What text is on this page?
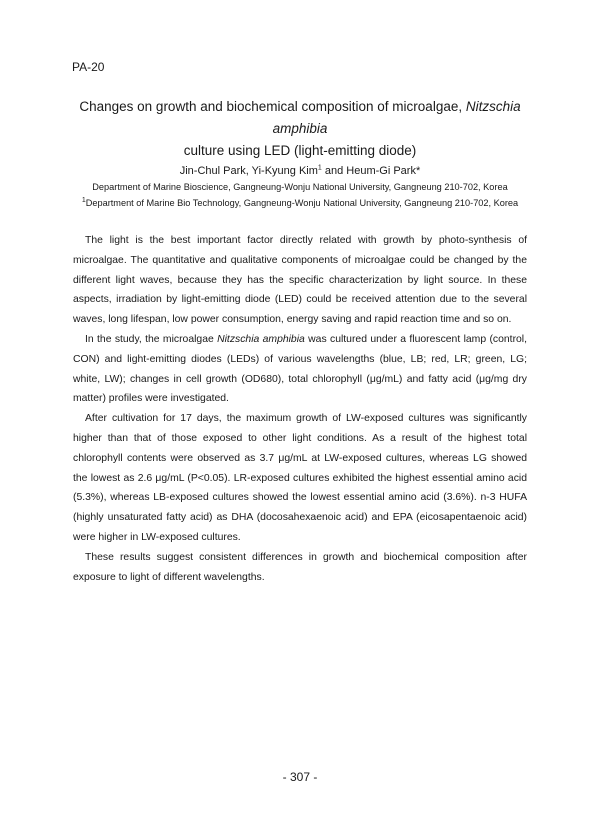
PA-20
Changes on growth and biochemical composition of microalgae, Nitzschia amphibia
culture using LED (light-emitting diode)
Jin-Chul Park, Yi-Kyung Kim$^1$ and Heum-Gi Park*
Department of Marine Bioscience, Gangneung-Wonju National University, Gangneung 210-702, Korea
$^1$Department of Marine Bio Technology, Gangneung-Wonju National University, Gangneung 210-702, Korea

The light is the best important factor directly related with growth by photo-synthesis of microalgae. The quantitative and qualitative components of microalgae could be changed by the different light waves, because they has the specific characterization by light source. In these aspects, irradiation by light-emitting diode (LED) could be received attention due to the several waves, long lifespan, low power consumption, energy saving and rapid reaction time and so on.

In the study, the microalgae Nitzschia amphibia was cultured under a fluorescent lamp (control, CON) and light-emitting diodes (LEDs) of various wavelengths (blue, LB; red, LR; green, LG; white, LW); changes in cell growth (OD680), total chlorophyll (μg/mL) and fatty acid (μg/mg dry matter) profiles were investigated.

After cultivation for 17 days, the maximum growth of LW-exposed cultures was significantly higher than that of those exposed to other light conditions. As a result of the highest total chlorophyll contents were observed as 3.7 μg/mL at LW-exposed cultures, whereas LG showed the lowest as 2.6 μg/mL (P<0.05). LR-exposed cultures exhibited the highest essential amino acid (5.3%), whereas LB-exposed cultures showed the lowest essential amino acid (3.6%). n-3 HUFA (highly unsaturated fatty acid) as DHA (docosahexaenoic acid) and EPA (eicosapentaenoic acid) were higher in LW-exposed cultures.

These results suggest consistent differences in growth and biochemical composition after exposure to light of different wavelengths.

- 307 -
